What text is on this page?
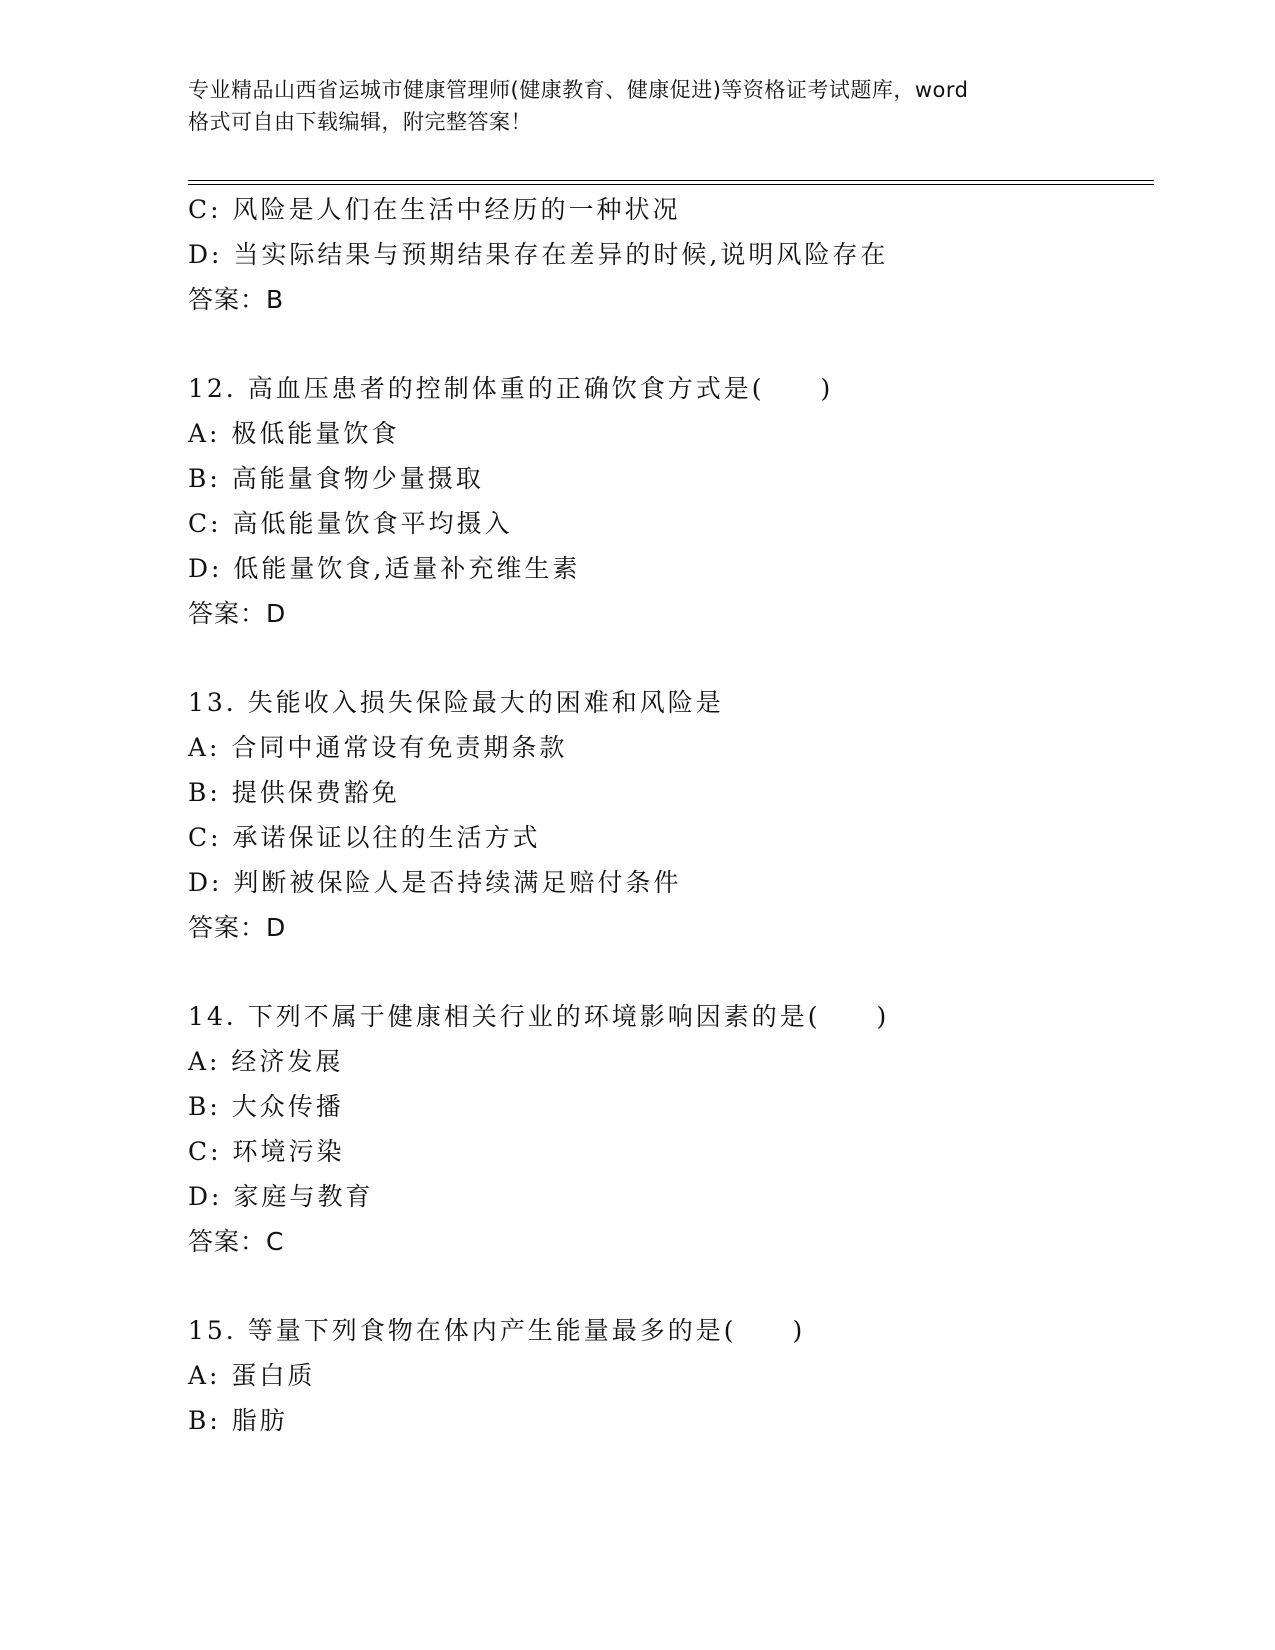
专业精品山西省运城市健康管理师(健康教育、健康促进)等资格证考试题库，word
格式可自由下载编辑，附完整答案！
C: 风险是人们在生活中经历的一种状况
D: 当实际结果与预期结果存在差异的时候,说明风险存在
答案：B
12. 高血压患者的控制体重的正确饮食方式是(　　)
A: 极低能量饮食
B: 高能量食物少量摄取
C: 高低能量饮食平均摄入
D: 低能量饮食,适量补充维生素
答案：D
13. 失能收入损失保险最大的困难和风险是
A: 合同中通常设有免责期条款
B: 提供保费豁免
C: 承诺保证以往的生活方式
D: 判断被保险人是否持续满足赔付条件
答案：D
14. 下列不属于健康相关行业的环境影响因素的是(　　)
A: 经济发展
B: 大众传播
C: 环境污染
D: 家庭与教育
答案：C
15. 等量下列食物在体内产生能量最多的是(　　)
A: 蛋白质
B: 脂肪
